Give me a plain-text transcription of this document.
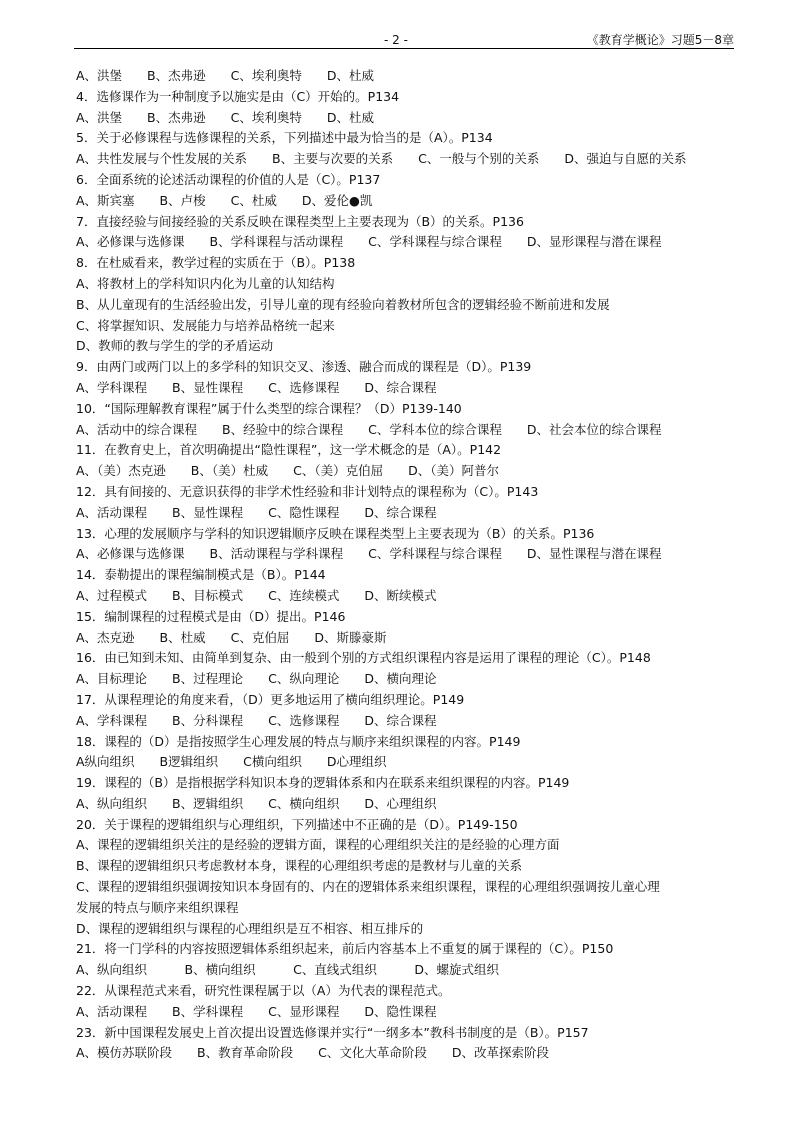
- 2 -	《教育学概论》习题5－8章
A、洪堡　　B、杰弗逊　　C、埃利奥特　　D、杜威
4．选修课作为一种制度予以施实是由（C）开始的。P134
A、洪堡　　B、杰弗逊　　C、埃利奥特　　D、杜威
5．关于必修课程与选修课程的关系，下列描述中最为恰当的是（A）。P134
A、共性发展与个性发展的关系　　B、主要与次要的关系　　C、一般与个别的关系　　D、强迫与自愿的关系
6．全面系统的论述活动课程的价值的人是（C）。P137
A、斯宾塞　　B、卢梭　　C、杜威　　D、爱伦●凯
7．直接经验与间接经验的关系反映在课程类型上主要表现为（B）的关系。P136
A、必修课与选修课　　B、学科课程与活动课程　　C、学科课程与综合课程　　D、显形课程与潜在课程
8．在杜威看来，教学过程的实质在于（B）。P138
A、将教材上的学科知识内化为儿童的认知结构
B、从儿童现有的生活经验出发，引导儿童的现有经验向着教材所包含的逻辑经验不断前进和发展
C、将掌握知识、发展能力与培养品格统一起来
D、教师的教与学生的学的矛盾运动
9．由两门或两门以上的多学科的知识交叉、渗透、融合而成的课程是（D）。P139
A、学科课程　　B、显性课程　　C、选修课程　　D、综合课程
10．“国际理解教育课程”属于什么类型的综合课程？（D）P139-140
A、活动中的综合课程　　B、经验中的综合课程　　C、学科本位的综合课程　　D、社会本位的综合课程
11．在教育史上，首次明确提出“隐性课程”，这一学术概念的是（A）。P142
A、（美）杰克逊　　B、（美）杜威　　C、（美）克伯屈　　D、（美）阿普尔
12．具有间接的、无意识获得的非学术性经验和非计划特点的课程称为（C）。P143
A、活动课程　　B、显性课程　　C、隐性课程　　D、综合课程
13．心理的发展顺序与学科的知识逻辑顺序反映在课程类型上主要表现为（B）的关系。P136
A、必修课与选修课　　B、活动课程与学科课程　　C、学科课程与综合课程　　D、显性课程与潜在课程
14．泰勒提出的课程编制模式是（B）。P144
A、过程模式　　B、目标模式　　C、连续模式　　D、断续模式
15．编制课程的过程模式是由（D）提出。P146
A、杰克逊　　B、杜威　　C、克伯屈　　D、斯滕豪斯
16．由已知到未知、由简单到复杂、由一般到个别的方式组织课程内容是运用了课程的理论（C）。P148
A、目标理论　　B、过程理论　　C、纵向理论　　D、横向理论
17．从课程理论的角度来看，（D）更多地运用了横向组织理论。P149
A、学科课程　　B、分科课程　　C、选修课程　　D、综合课程
18．课程的（D）是指按照学生心理发展的特点与顺序来组织课程的内容。P149
A纵向组织　　B逻辑组织　　C横向组织　　D心理组织
19．课程的（B）是指根据学科知识本身的逻辑体系和内在联系来组织课程的内容。P149
A、纵向组织　　B、逻辑组织　　C、横向组织　　D、心理组织
20．关于课程的逻辑组织与心理组织，下列描述中不正确的是（D）。P149-150
A、课程的逻辑组织关注的是经验的逻辑方面，课程的心理组织关注的是经验的心理方面
B、课程的逻辑组织只考虑教材本身，课程的心理组织考虑的是教材与儿童的关系
C、课程的逻辑组织强调按知识本身固有的、内在的逻辑体系来组织课程，课程的心理组织强调按儿童心理
发展的特点与顺序来组织课程
D、课程的逻辑组织与课程的心理组织是互不相容、相互排斥的
21．将一门学科的内容按照逻辑体系组织起来，前后内容基本上不重复的属于课程的（C）。P150
A、纵向组织　　　B、横向组织　　　C、直线式组织　　　D、螺旋式组织
22．从课程范式来看，研究性课程属于以（A）为代表的课程范式。
A、活动课程　　B、学科课程　　C、显形课程　　D、隐性课程
23．新中国课程发展史上首次提出设置选修课并实行“一纲多本”教科书制度的是（B）。P157
A、模仿苏联阶段　　B、教育革命阶段　　C、文化大革命阶段　　D、改革探索阶段
